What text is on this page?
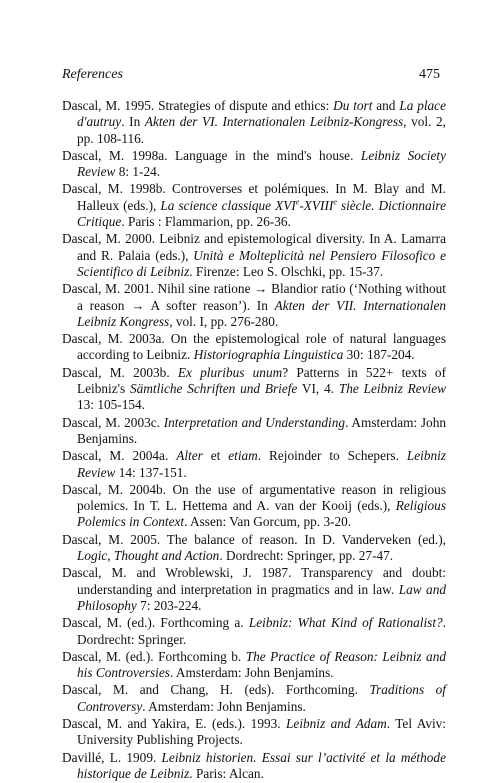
References	475

Dascal, M. 1995. Strategies of dispute and ethics: Du tort and La place d'autruy. In Akten der VI. Internationalen Leibniz-Kongress, vol. 2, pp. 108-116.

Dascal, M. 1998a. Language in the mind's house. Leibniz Society Review 8: 1-24.

Dascal, M. 1998b. Controverses et polémiques. In M. Blay and M. Halleux (eds.), La science classique XVIe-XVIIIe siècle. Dictionnaire Critique. Paris : Flammarion, pp. 26-36.

Dascal, M. 2000. Leibniz and epistemological diversity. In A. Lamarra and R. Palaia (eds.), Unità e Molteplicità nel Pensiero Filosofico e Scientifico di Leibniz. Firenze: Leo S. Olschki, pp. 15-37.

Dascal, M. 2001. Nihil sine ratione → Blandior ratio (‘Nothing without a reason → A softer reason’). In Akten der VII. Internationalen Leibniz Kongress, vol. I, pp. 276-280.

Dascal, M. 2003a. On the epistemological role of natural languages according to Leibniz. Historiographia Linguistica 30: 187-204.

Dascal, M. 2003b. Ex pluribus unum? Patterns in 522+ texts of Leibniz's Sämtliche Schriften und Briefe VI, 4. The Leibniz Review 13: 105-154.

Dascal, M. 2003c. Interpretation and Understanding. Amsterdam: John Benjamins.

Dascal, M. 2004a. Alter et etiam. Rejoinder to Schepers. Leibniz Review 14: 137-151.

Dascal, M. 2004b. On the use of argumentative reason in religious polemics. In T. L. Hettema and A. van der Kooij (eds.), Religious Polemics in Context. Assen: Van Gorcum, pp. 3-20.

Dascal, M. 2005. The balance of reason. In D. Vanderveken (ed.), Logic, Thought and Action. Dordrecht: Springer, pp. 27-47.

Dascal, M. and Wroblewski, J. 1987. Transparency and doubt: understanding and interpretation in pragmatics and in law. Law and Philosophy 7: 203-224.

Dascal, M. (ed.). Forthcoming a. Leibniz: What Kind of Rationalist?. Dordrecht: Springer.

Dascal, M. (ed.). Forthcoming b. The Practice of Reason: Leibniz and his Controversies. Amsterdam: John Benjamins.

Dascal, M. and Chang, H. (eds). Forthcoming. Traditions of Controversy. Amsterdam: John Benjamins.

Dascal, M. and Yakira, E. (eds.). 1993. Leibniz and Adam. Tel Aviv: University Publishing Projects.

Davillé, L. 1909. Leibniz historien. Essai sur l’activité et la méthode historique de Leibniz. Paris: Alcan.
